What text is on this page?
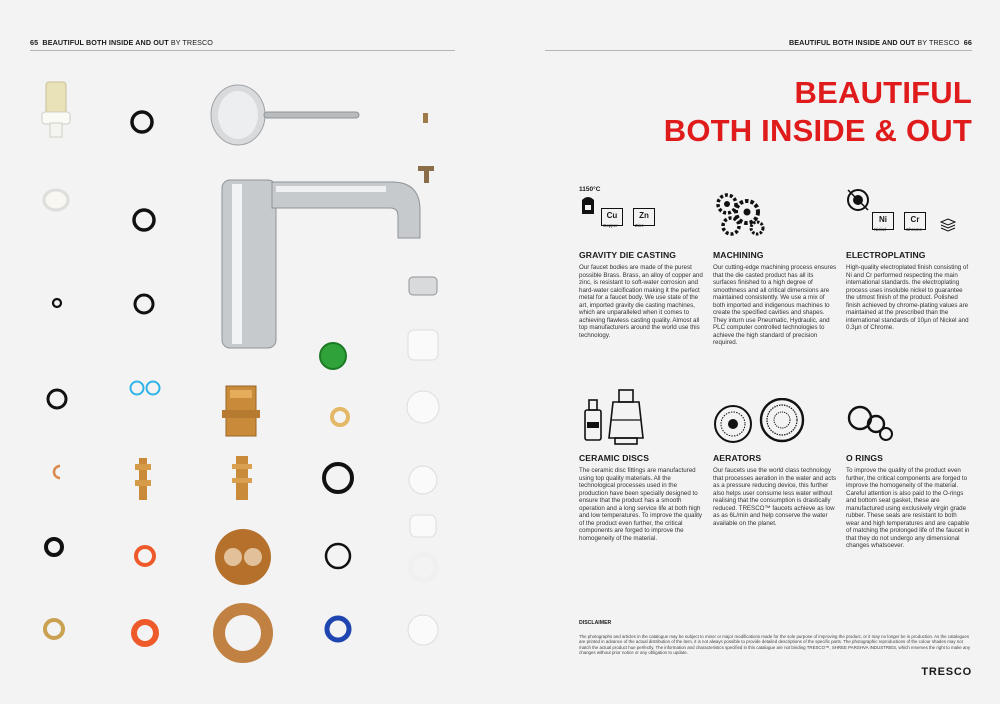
65 BEAUTIFUL BOTH INSIDE AND OUT BY TRESCO	BEAUTIFUL BOTH INSIDE AND OUT BY TRESCO 66
BEAUTIFUL
BOTH INSIDE & OUT
1150°C
Cu
Copper
Zn
Zinc
Ni
Nickel
Cr
Chrome
GRAVITY DIE CASTING

Our faucet bodies are made of the purest possible Brass. Brass, an alloy of copper and zinc, is resistant to soft-water corrosion and hard-water calcification making it the perfect metal for a faucet body. We use state of the art, imported gravity die casting machines, which are unparalleled when it comes to achieving flawless casting quality. Almost all top manufacturers around the world use this technology.

MACHINING

Our cutting-edge machining process ensures that the die casted product has all its surfaces finished to a high degree of smoothness and all critical dimensions are maintained consistently. We use a mix of both imported and indigenous machines to create the specified cavities and shapes. They inturn use Pneumatic, Hydraulic, and PLC computer controlled technologies to achieve the high standard of precision required.

ELECTROPLATING

High-quality electroplated finish consisting of Ni and Cr performed respecting the main international standards. the electroplating process uses insoluble nickel to guarantee the utmost finish of the product. Polished finish achieved by chrome-plating values are maintained at the prescribed than the international standards of 10µn of Nickel and 0.3µn of Chrome.

CERAMIC DISCS

The ceramic disc fittings are manufactured using top quality materials. All the technological processes used in the production have been specially designed to ensure that the product has a smooth operation and a long service life at both high and low temperatures. To improve the quality of the product even further, the critical components are forged to improve the homogeneity of the material.

AERATORS

Our faucets use the world class technology that processes aeration in the water and acts as a pressure reducing device, this further also helps user consume less water without realising that the consumption is drastically reduced. TRESCO™ faucets achieve as low as as 6L/min and help conserve the water available on the planet.

O RINGS

To improve the quality of the product even further, the critical components are forged to improve the homogeneity of the material. Careful attention is also paid to the O-rings and bottom seat gasket, these are manufactured using exclusively virgin grade rubber. These seals are resistant to both wear and high temperatures and are capable of matching the prolonged life of the faucet in that they do not undergo any dimensional changes whatsoever.

DISCLAIMER

The photographs and articles in the catalogue may be subject to minor or major modifications made for the sole purpose of improving the product, or it may no longer be in production. As the catalogues are printed in advance of the actual distribution of the item, it is not always possible to provide detailed descriptions of the specific parts. The photographic reproductions of the colour shades may not match the actual product hue perfectly. The information and characteristics specified in this catalogue are not binding TRESCO™, SHREE PARSHVA INDUSTRIES, which reserves the right to make any changes without prior notice or any obligation to update.

TRESCO
